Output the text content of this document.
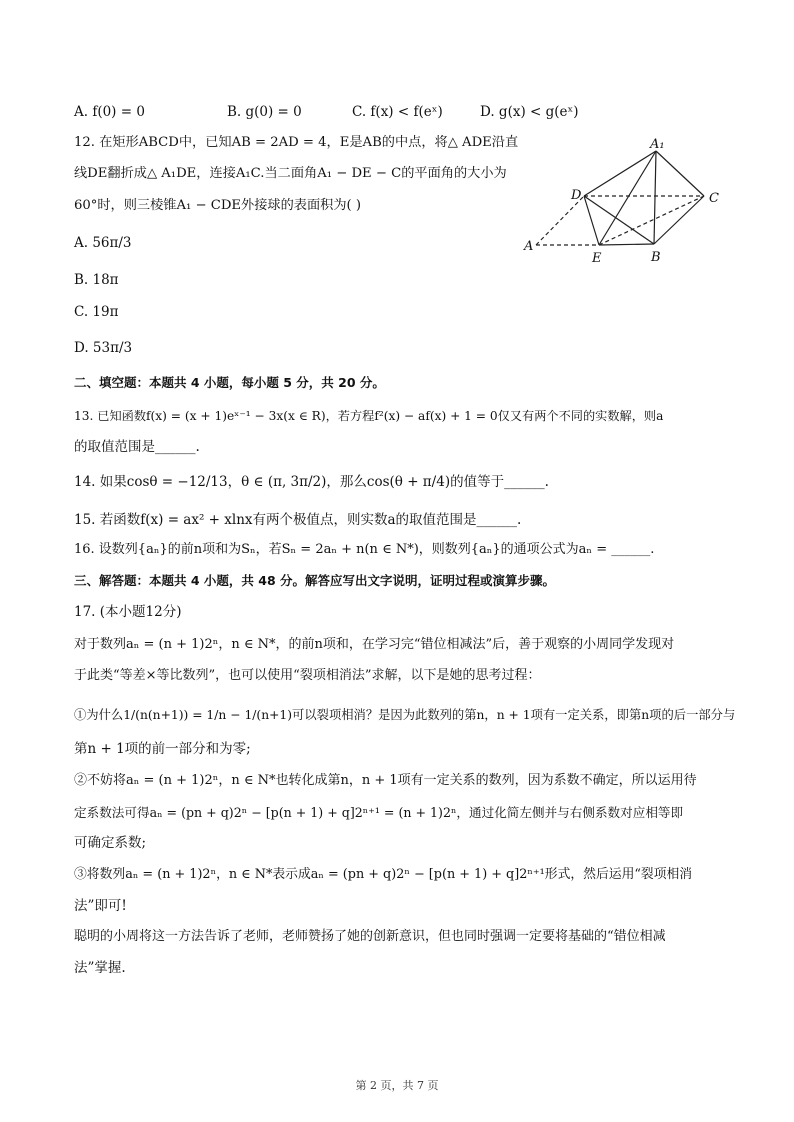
A. f(0) = 0	B. g(0) = 0	C. f(x) < f(eˣ)	D. g(x) < g(eˣ)
12. 在矩形ABCD中，已知AB = 2AD = 4，E是AB的中点，将△ ADE沿直
线DE翻折成△ A₁DE，连接A₁C.当二面角A₁ − DE − C的平面角的大小为
60°时，则三棱锥A₁ − CDE外接球的表面积为( )
A. 56π/3
B. 18π
C. 19π
D. 53π/3
A₁
D	C
A
E	B
二、填空题：本题共 4 小题，每小题 5 分，共 20 分。
13. 已知函数f(x) = (x + 1)eˣ⁻¹ − 3x(x ∈ R)，若方程f²(x) − af(x) + 1 = 0仅又有两个不同的实数解，则a
的取值范围是______.
14. 如果cosθ = −12/13，θ ∈ (π, 3π/2)，那么cos(θ + π/4)的值等于______.
15. 若函数f(x) = ax² + xlnx有两个极值点，则实数a的取值范围是______.
16. 设数列{aₙ}的前n项和为Sₙ，若Sₙ = 2aₙ + n(n ∈ N*)，则数列{aₙ}的通项公式为aₙ = ______.
三、解答题：本题共 4 小题，共 48 分。解答应写出文字说明，证明过程或演算步骤。
17. (本小题12分)
对于数列aₙ = (n + 1)2ⁿ，n ∈ N*，的前n项和，在学习完“错位相减法”后，善于观察的小周同学发现对
于此类“等差×等比数列”，也可以使用“裂项相消法”求解，以下是她的思考过程：
①为什么1/(n(n+1)) = 1/n − 1/(n+1)可以裂项相消？是因为此数列的第n，n + 1项有一定关系，即第n项的后一部分与
第n + 1项的前一部分和为零;
②不妨将aₙ = (n + 1)2ⁿ，n ∈ N*也转化成第n，n + 1项有一定关系的数列，因为系数不确定，所以运用待
定系数法可得aₙ = (pn + q)2ⁿ − [p(n + 1) + q]2ⁿ⁺¹ = (n + 1)2ⁿ，通过化简左侧并与右侧系数对应相等即
可确定系数;
③将数列aₙ = (n + 1)2ⁿ，n ∈ N*表示成aₙ = (pn + q)2ⁿ − [p(n + 1) + q]2ⁿ⁺¹形式，然后运用“裂项相消
法”即可!
聪明的小周将这一方法告诉了老师，老师赞扬了她的创新意识，但也同时强调一定要将基础的“错位相减
法”掌握.
第 2 页，共 7 页
